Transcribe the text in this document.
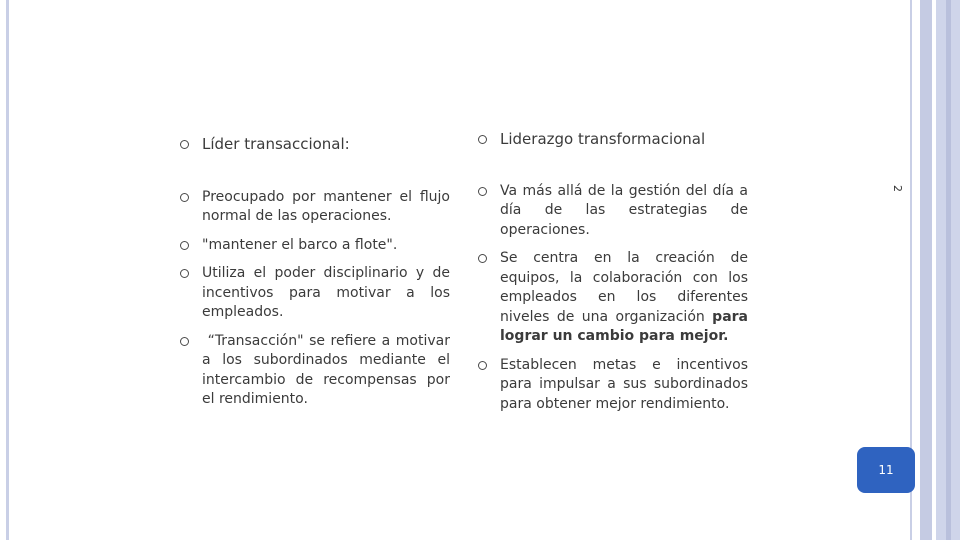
Líder transaccional:
Preocupado por mantener el flujo normal de las operaciones.
"mantener el barco a flote".
Utiliza el poder disciplinario y de incentivos para motivar a los empleados.
“Transacción" se refiere a motivar a los subordinados mediante el intercambio de recompensas por el rendimiento.
Liderazgo transformacional
Va más allá de la gestión del día a día de las estrategias de operaciones.
Se centra en la creación de equipos, la colaboración con los empleados en los diferentes niveles de una organización para lograr un cambio para mejor.
Establecen metas e incentivos para impulsar a sus subordinados para obtener mejor rendimiento.
2
11
